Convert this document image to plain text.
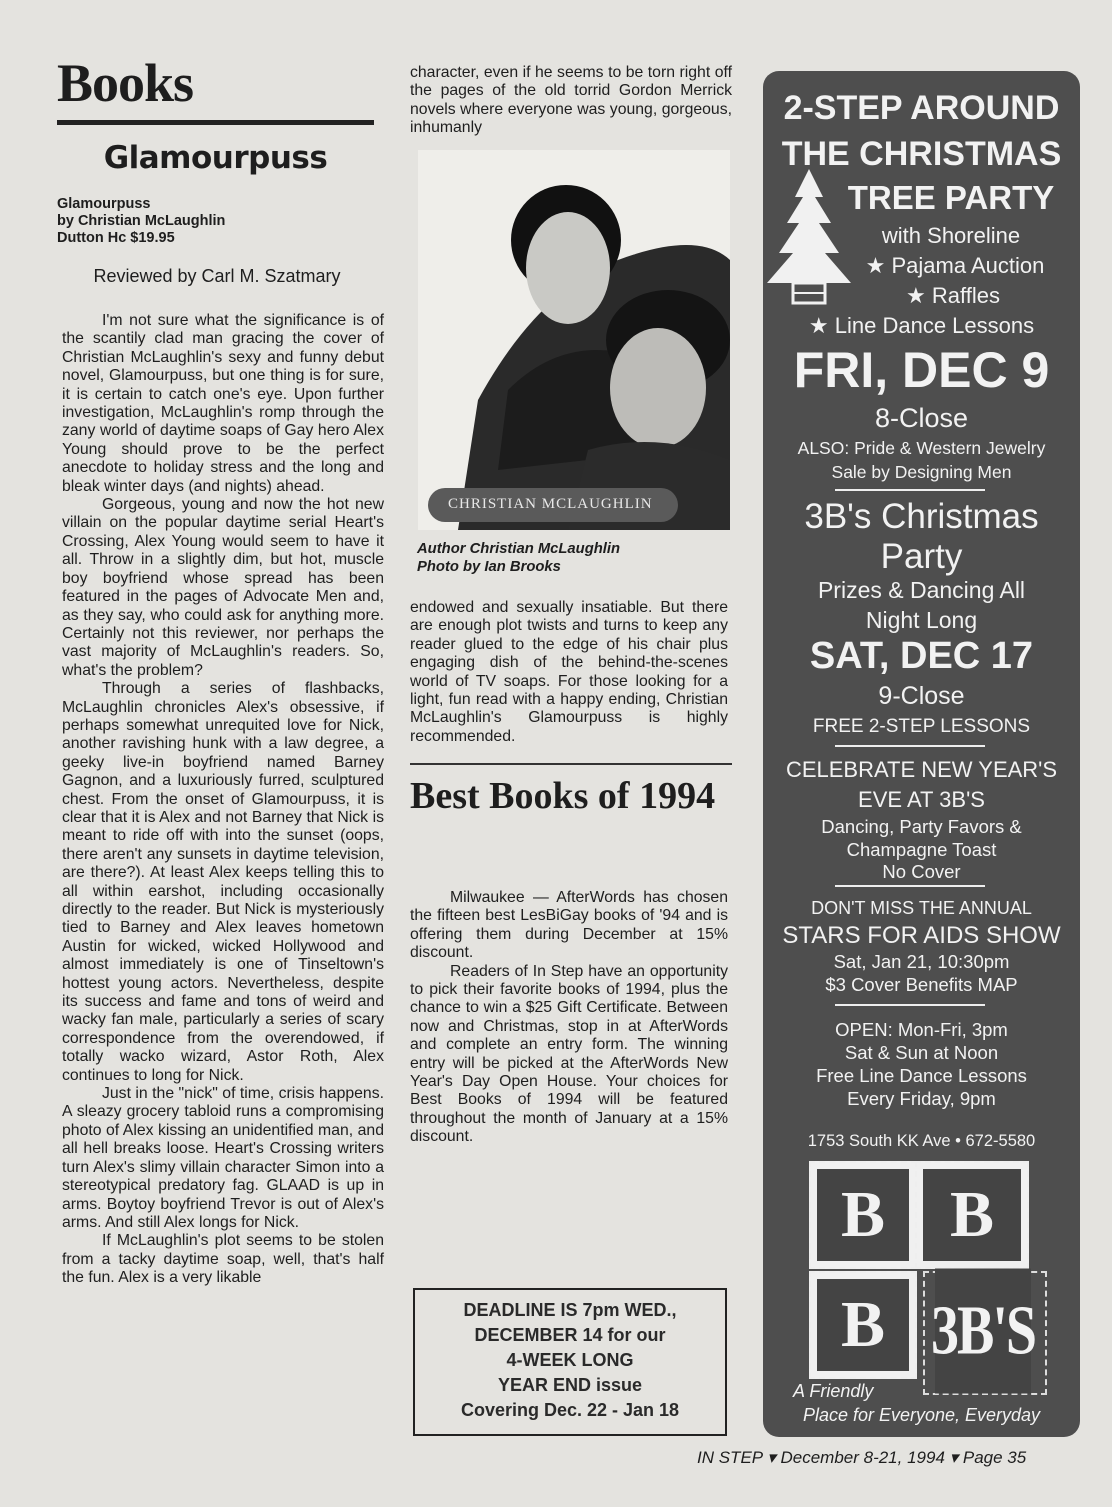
Books
Glamourpuss
Glamourpuss
by Christian McLaughlin
Dutton Hc $19.95
Reviewed by Carl M. Szatmary

I'm not sure what the significance is of the scantily clad man gracing the cover of Christian McLaughlin's sexy and funny debut novel, Glamourpuss, but one thing is for sure, it is certain to catch one's eye. Upon further investigation, McLaughlin's romp through the zany world of daytime soaps of Gay hero Alex Young should prove to be the perfect anecdote to holiday stress and the long and bleak winter days (and nights) ahead.

Gorgeous, young and now the hot new villain on the popular daytime serial Heart's Crossing, Alex Young would seem to have it all. Throw in a slightly dim, but hot, muscle boy boyfriend whose spread has been featured in the pages of Advocate Men and, as they say, who could ask for anything more. Certainly not this reviewer, nor perhaps the vast majority of McLaughlin's readers. So, what's the problem?

Through a series of flashbacks, McLaughlin chronicles Alex's obsessive, if perhaps somewhat unrequited love for Nick, another ravishing hunk with a law degree, a geeky live-in boyfriend named Barney Gagnon, and a luxuriously furred, sculptured chest. From the onset of Glamourpuss, it is clear that it is Alex and not Barney that Nick is meant to ride off with into the sunset (oops, there aren't any sunsets in daytime television, are there?). At least Alex keeps telling this to all within earshot, including occasionally directly to the reader. But Nick is mysteriously tied to Barney and Alex leaves hometown Austin for wicked, wicked Hollywood and almost immediately is one of Tinseltown's hottest young actors. Nevertheless, despite its success and fame and tons of weird and wacky fan male, particularly a series of scary correspondence from the overendowed, if totally wacko wizard, Astor Roth, Alex continues to long for Nick.

Just in the "nick" of time, crisis happens. A sleazy grocery tabloid runs a compromising photo of Alex kissing an unidentified man, and all hell breaks loose. Heart's Crossing writers turn Alex's slimy villain character Simon into a stereotypical predatory fag. GLAAD is up in arms. Boytoy boyfriend Trevor is out of Alex's arms. And still Alex longs for Nick.

If McLaughlin's plot seems to be stolen from a tacky daytime soap, well, that's half the fun. Alex is a very likable

character, even if he seems to be torn right off the pages of the old torrid Gordon Merrick novels where everyone was young, gorgeous, inhumanly

CHRISTIAN MCLAUGHLIN
Author Christian McLaughlin
Photo by Ian Brooks

endowed and sexually insatiable. But there are enough plot twists and turns to keep any reader glued to the edge of his chair plus engaging dish of the behind-the-scenes world of TV soaps. For those looking for a light, fun read with a happy ending, Christian McLaughlin's Glamourpuss is highly recommended.

Best Books of 1994

Milwaukee — AfterWords has chosen the fifteen best LesBiGay books of '94 and is offering them during December at 15% discount.

Readers of In Step have an opportunity to pick their favorite books of 1994, plus the chance to win a $25 Gift Certificate. Between now and Christmas, stop in at AfterWords and complete an entry form. The winning entry will be picked at the AfterWords New Year's Day Open House. Your choices for Best Books of 1994 will be featured throughout the month of January at a 15% discount.

DEADLINE IS 7pm WED.,
DECEMBER 14 for our
4-WEEK LONG
YEAR END issue
Covering Dec. 22 - Jan 18
2-STEP AROUND
THE CHRISTMAS
TREE PARTY
with Shoreline
★ Pajama Auction
★ Raffles
★ Line Dance Lessons
FRI, DEC 9
8-Close
ALSO: Pride & Western Jewelry
Sale by Designing Men
3B's Christmas
Party
Prizes & Dancing All
Night Long
SAT, DEC 17
9-Close
FREE 2-STEP LESSONS
CELEBRATE NEW YEAR'S
EVE AT 3B'S
Dancing, Party Favors &
Champagne Toast
No Cover
DON'T MISS THE ANNUAL
STARS FOR AIDS SHOW
Sat, Jan 21, 10:30pm
$3 Cover Benefits MAP
OPEN: Mon-Fri, 3pm
Sat & Sun at Noon
Free Line Dance Lessons
Every Friday, 9pm
1753 South KK Ave • 672-5580
B B
B 3B'S
A Friendly
Place for Everyone, Everyday
IN STEP ▾ December 8-21, 1994 ▾ Page 35
